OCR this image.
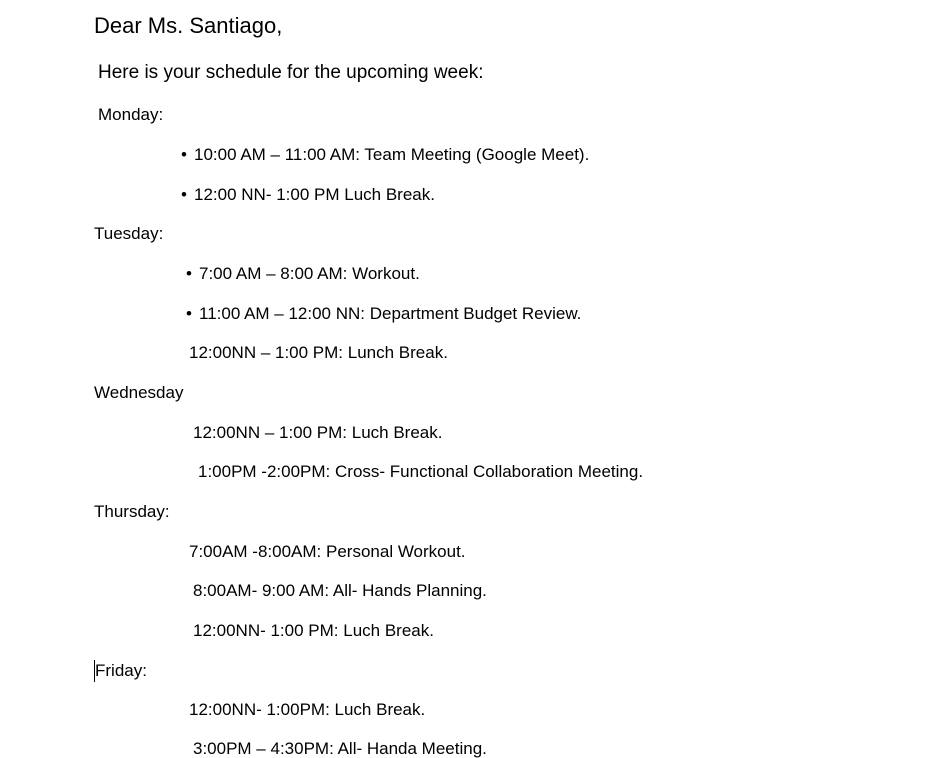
Dear Ms. Santiago,
Here is your schedule for the upcoming week:
Monday:
• 10:00 AM – 11:00 AM: Team Meeting (Google Meet).
• 12:00 NN- 1:00 PM Luch Break.
Tuesday:
• 7:00 AM – 8:00 AM: Workout.
• 11:00 AM – 12:00 NN: Department Budget Review.
12:00NN – 1:00 PM: Lunch Break.
Wednesday
12:00NN – 1:00 PM: Luch Break.
1:00PM -2:00PM: Cross- Functional Collaboration Meeting.
Thursday:
7:00AM -8:00AM: Personal Workout.
8:00AM- 9:00 AM: All- Hands Planning.
12:00NN- 1:00 PM: Luch Break.
Friday:
12:00NN- 1:00PM: Luch Break.
3:00PM – 4:30PM: All- Handa Meeting.
